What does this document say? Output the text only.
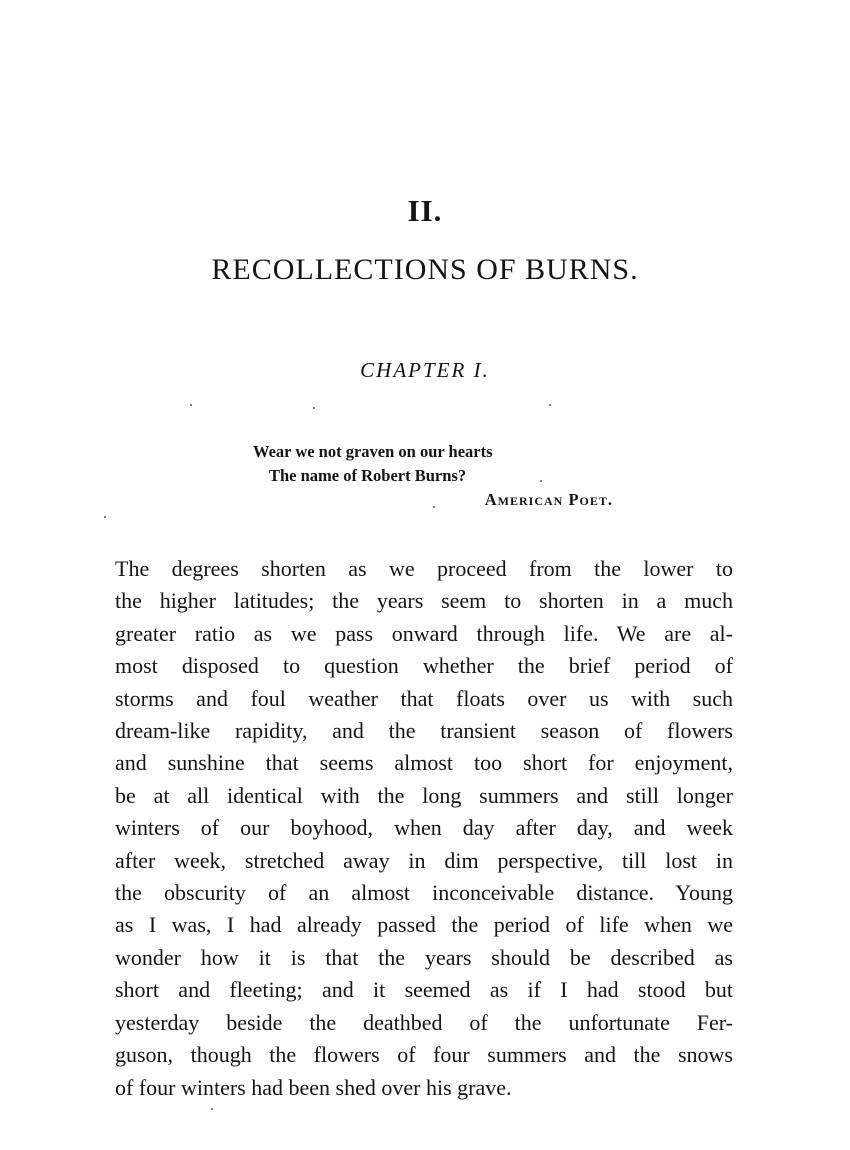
II.
RECOLLECTIONS OF BURNS.
CHAPTER I.
Wear we not graven on our hearts
The name of Robert Burns?
American Poet.
The degrees shorten as we proceed from the lower to
the higher latitudes; the years seem to shorten in a much
greater ratio as we pass onward through life. We are al-
most disposed to question whether the brief period of
storms and foul weather that floats over us with such
dream-like rapidity, and the transient season of flowers
and sunshine that seems almost too short for enjoyment,
be at all identical with the long summers and still longer
winters of our boyhood, when day after day, and week
after week, stretched away in dim perspective, till lost in
the obscurity of an almost inconceivable distance. Young
as I was, I had already passed the period of life when we
wonder how it is that the years should be described as
short and fleeting; and it seemed as if I had stood but
yesterday beside the deathbed of the unfortunate Fer-
guson, though the flowers of four summers and the snows
of four winters had been shed over his grave.
